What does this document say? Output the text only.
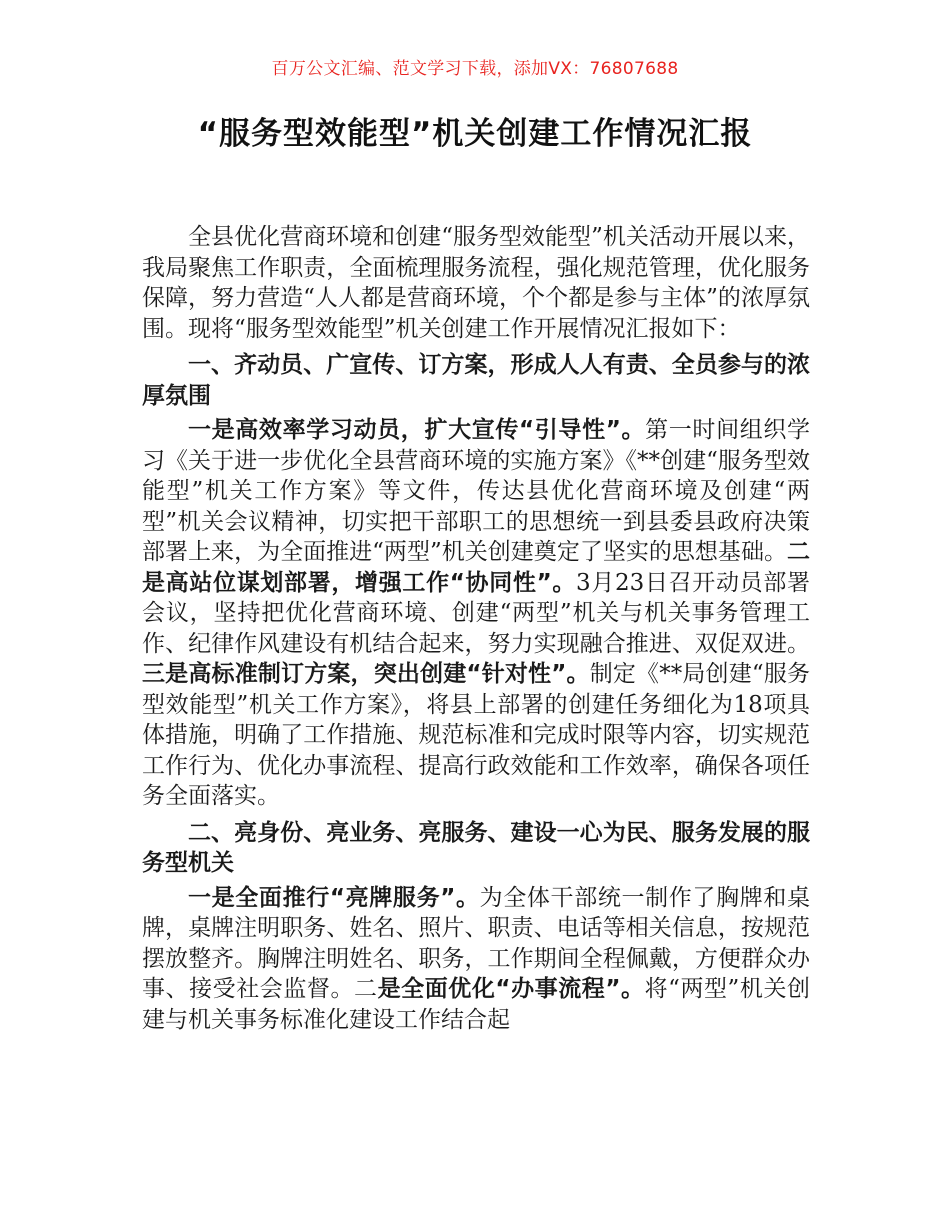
百万公文汇编、范文学习下载，添加VX：76807688
“服务型效能型”机关创建工作情况汇报

全县优化营商环境和创建“服务型效能型”机关活动开展以来，我局聚焦工作职责，全面梳理服务流程，强化规范管理，优化服务保障，努力营造“人人都是营商环境，个个都是参与主体”的浓厚氛围。现将“服务型效能型”机关创建工作开展情况汇报如下：

一、齐动员、广宣传、订方案，形成人人有责、全员参与的浓厚氛围

一是高效率学习动员，扩大宣传“引导性”。第一时间组织学习《关于进一步优化全县营商环境的实施方案》《**创建“服务型效能型”机关工作方案》等文件，传达县优化营商环境及创建“两型”机关会议精神，切实把干部职工的思想统一到县委县政府决策部署上来，为全面推进“两型”机关创建奠定了坚实的思想基础。二是高站位谋划部署，增强工作“协同性”。3月23日召开动员部署会议，坚持把优化营商环境、创建“两型”机关与机关事务管理工作、纪律作风建设有机结合起来，努力实现融合推进、双促双进。三是高标准制订方案，突出创建“针对性”。制定《**局创建“服务型效能型”机关工作方案》，将县上部署的创建任务细化为18项具体措施，明确了工作措施、规范标准和完成时限等内容，切实规范工作行为、优化办事流程、提高行政效能和工作效率，确保各项任务全面落实。

二、亮身份、亮业务、亮服务、建设一心为民、服务发展的服务型机关

一是全面推行“亮牌服务”。为全体干部统一制作了胸牌和桌牌，桌牌注明职务、姓名、照片、职责、电话等相关信息，按规范摆放整齐。胸牌注明姓名、职务，工作期间全程佩戴，方便群众办事、接受社会监督。二是全面优化“办事流程”。将“两型”机关创建与机关事务标准化建设工作结合起
